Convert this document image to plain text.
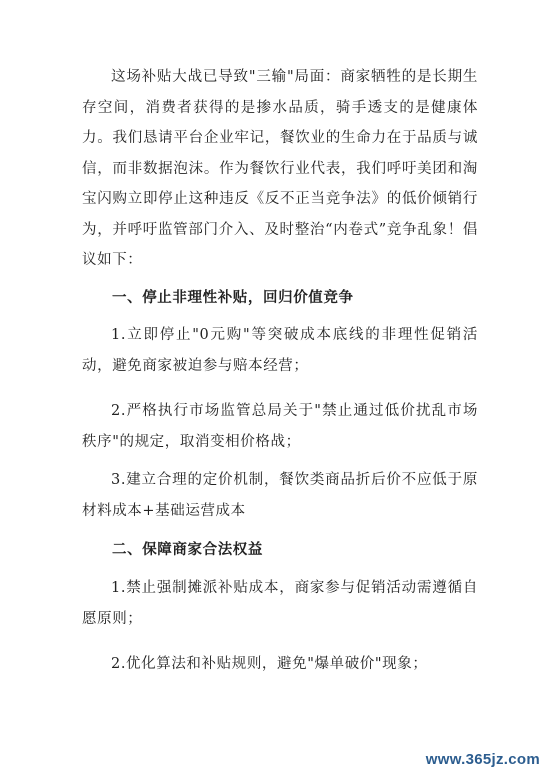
这场补贴大战已导致"三输"局面：商家牺牲的是长期生存空间，消费者获得的是掺水品质，骑手透支的是健康体力。我们恳请平台企业牢记，餐饮业的生命力在于品质与诚信，而非数据泡沫。作为餐饮行业代表，我们呼吁美团和淘宝闪购立即停止这种违反《反不正当竞争法》的低价倾销行为，并呼吁监管部门介入、及时整治“内卷式”竞争乱象！倡议如下：

一、停止非理性补贴，回归价值竞争

1.立即停止"0元购"等突破成本底线的非理性促销活动，避免商家被迫参与赔本经营；

2.严格执行市场监管总局关于"禁止通过低价扰乱市场秩序"的规定，取消变相价格战；

3.建立合理的定价机制，餐饮类商品折后价不应低于原材料成本+基础运营成本

二、保障商家合法权益

1.禁止强制摊派补贴成本，商家参与促销活动需遵循自愿原则；

2.优化算法和补贴规则，避免"爆单破价"现象；

www.365jz.com
